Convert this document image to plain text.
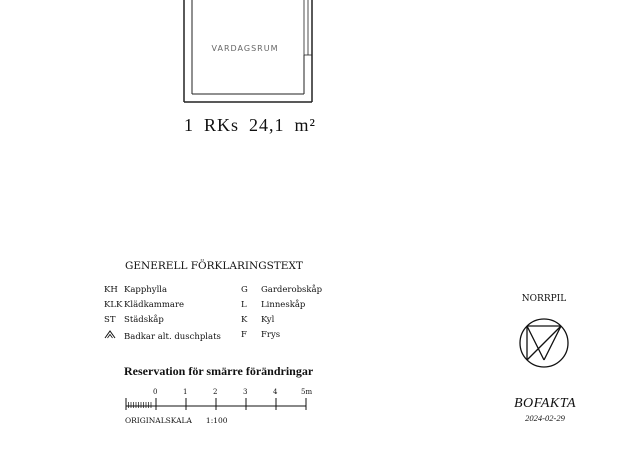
VARDAGSRUM
1 RKs 24,1 m²
GENERELL FÖRKLARINGSTEXT
KH Kapphylla
KLK Klädkammare
ST Städskåp
Badkar alt. duschplats
G Garderobskåp
L Linneskåp
K Kyl
F Frys
Reservation för smärre förändringar
0	1	2	3	4	5m
ORIGINALSKALA 1:100
NORRPIL
BOFAKTA
2024-02-29
